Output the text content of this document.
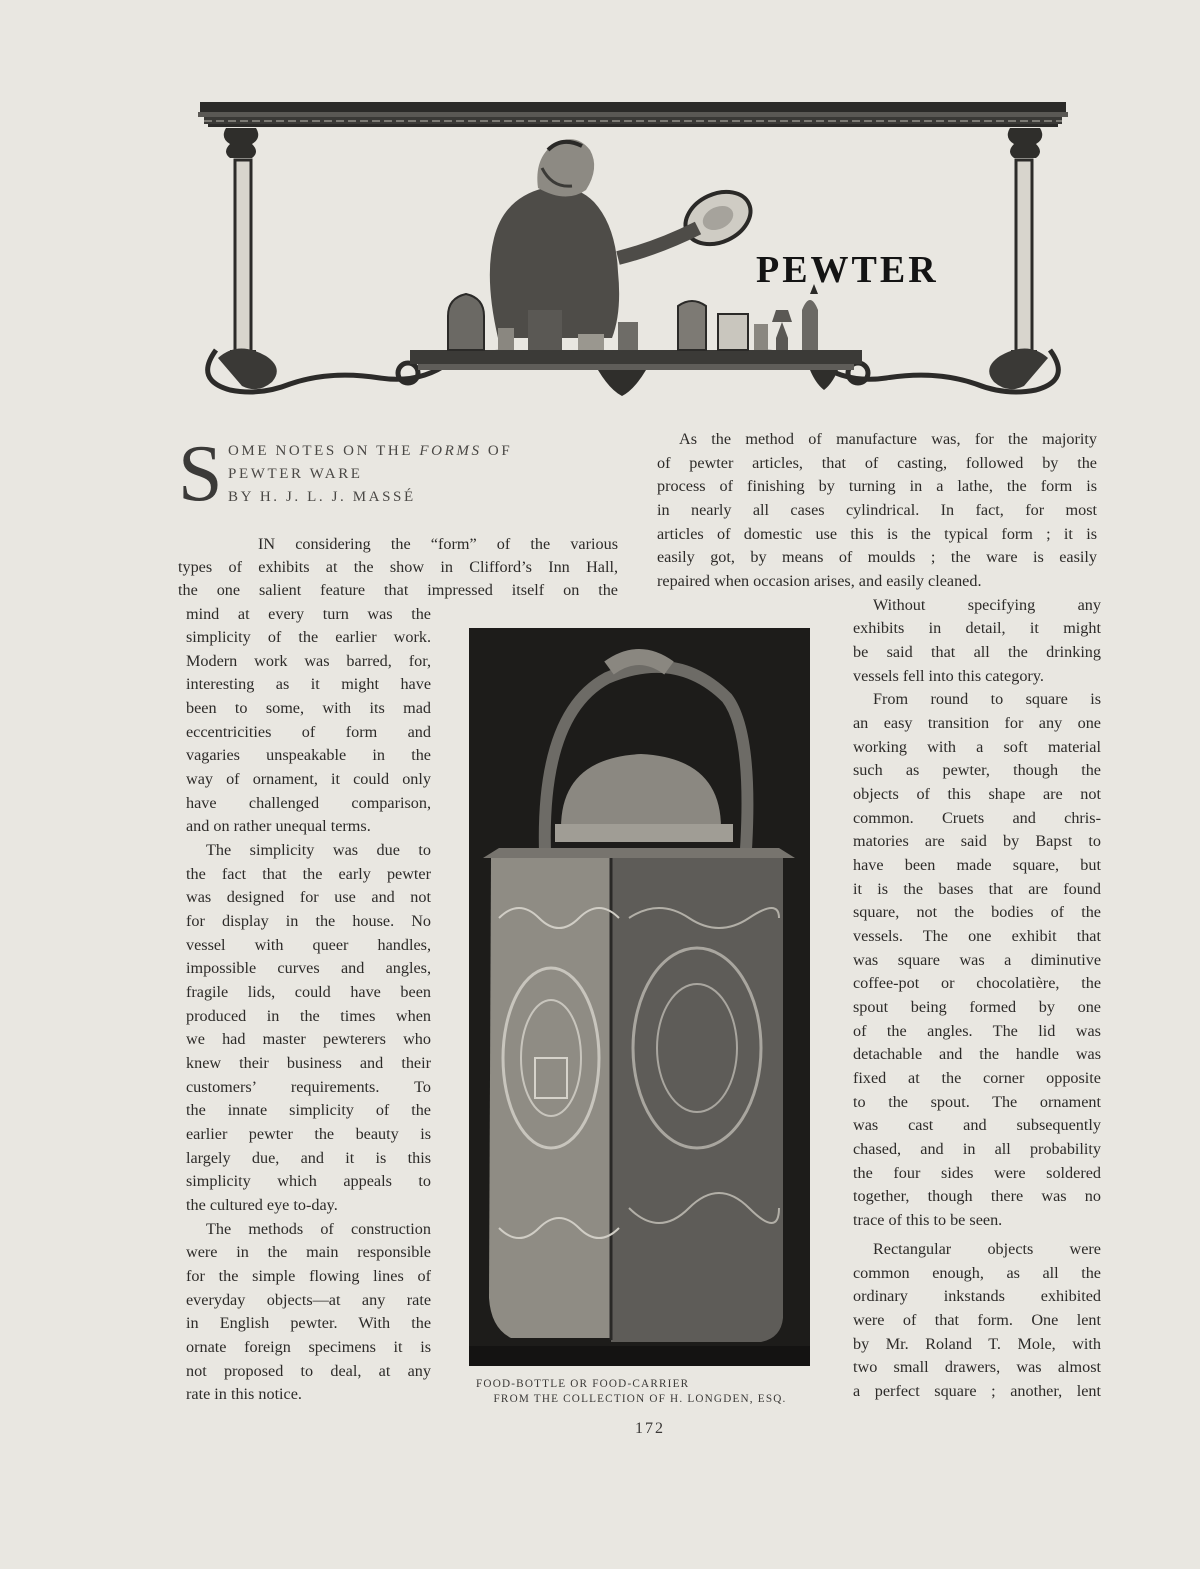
PEWTER
S OME NOTES ON THE FORMS OF
PEWTER WARE
BY H. J. L. J. MASSÉ
IN considering the “form” of the various
types of exhibits at the show in Clifford’s Inn Hall,
the one salient feature that impressed itself on the
mind at every turn was the
simplicity of the earlier work.
Modern work was barred, for,
interesting as it might have
been to some, with its mad
eccentricities of form and
vagaries unspeakable in the
way of ornament, it could only
have challenged comparison,
and on rather unequal terms.
The simplicity was due to
the fact that the early pewter
was designed for use and not
for display in the house. No
vessel with queer handles,
impossible curves and angles,
fragile lids, could have been
produced in the times when
we had master pewterers who
knew their business and their
customers’ requirements. To
the innate simplicity of the
earlier pewter the beauty is
largely due, and it is this
simplicity which appeals to
the cultured eye to-day.
The methods of construction
were in the main responsible
for the simple flowing lines of
everyday objects—at any rate
in English pewter. With the
ornate foreign specimens it is
not proposed to deal, at any
rate in this notice.
As the method of manufacture was, for the majority
of pewter articles, that of casting, followed by the
process of finishing by turning in a lathe, the form is
in nearly all cases cylindrical. In fact, for most
articles of domestic use this is the typical form ; it is
easily got, by means of moulds ; the ware is easily
repaired when occasion arises, and easily cleaned.
Without specifying any
exhibits in detail, it might
be said that all the drinking
vessels fell into this category.
From round to square is
an easy transition for any one
working with a soft material
such as pewter, though the
objects of this shape are not
common. Cruets and chris-
matories are said by Bapst to
have been made square, but
it is the bases that are found
square, not the bodies of the
vessels. The one exhibit that
was square was a diminutive
coffee-pot or chocolatière, the
spout being formed by one
of the angles. The lid was
detachable and the handle was
fixed at the corner opposite
to the spout. The ornament
was cast and subsequently
chased, and in all probability
the four sides were soldered
together, though there was no
trace of this to be seen.
Rectangular objects were
common enough, as all the
ordinary inkstands exhibited
were of that form. One lent
by Mr. Roland T. Mole, with
two small drawers, was almost
a perfect square ; another, lent
FOOD-BOTTLE OR FOOD-CARRIER
FROM THE COLLECTION OF H. LONGDEN, ESQ.
172
